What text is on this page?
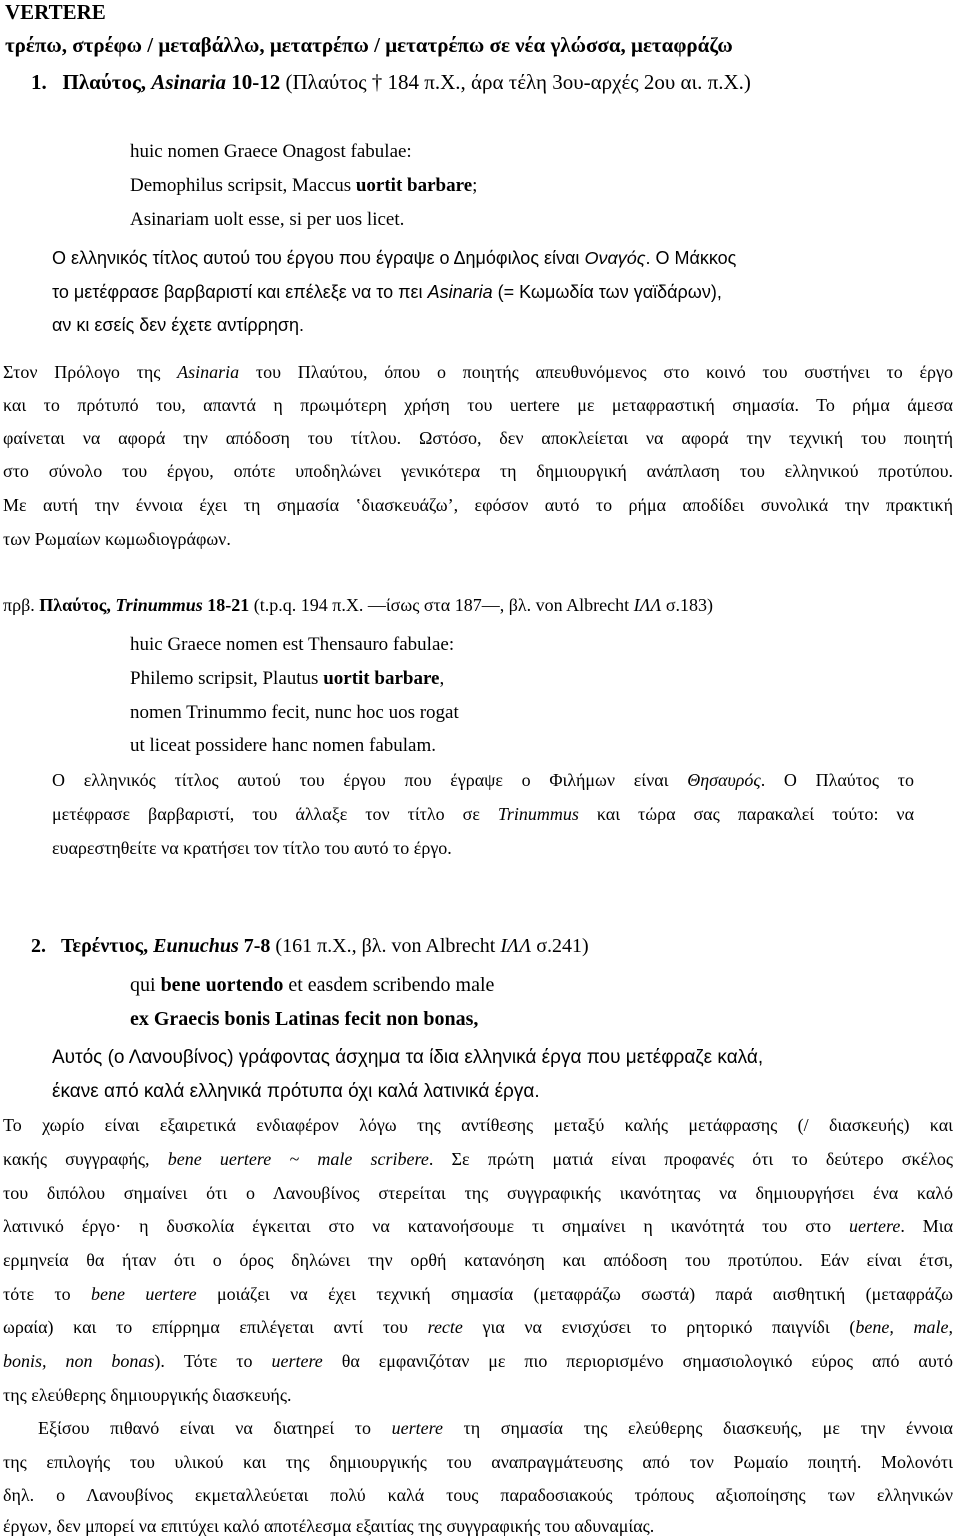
VERTERE
τρέπω, στρέφω / μεταβάλλω, μετατρέπω / μετατρέπω σε νέα γλώσσα, μεταφράζω
1. Πλαύτος, Asinaria 10-12 (Πλαύτος † 184 π.Χ., άρα τέλη 3ου-αρχές 2ου αι. π.Χ.)
huic nomen Graece Onagost fabulae:
Demophilus scripsit, Maccus uortit barbare;
Asinariam uolt esse, si per uos licet.
Ο ελληνικός τίτλος αυτού του έργου που έγραψε ο Δημόφιλος είναι Οναγός. Ο Μάκκος
το μετέφρασε βαρβαριστί και επέλεξε να το πει Asinaria (= Κωμωδία των γαϊδάρων),
αν κι εσείς δεν έχετε αντίρρηση.
Στον Πρόλογο της Asinaria του Πλαύτου, όπου ο ποιητής απευθυνόμενος στο κοινό του συστήνει το έργο
και το πρότυπό του, απαντά η πρωιμότερη χρήση του uertere με μεταφραστική σημασία. Το ρήμα άμεσα
φαίνεται να αφορά την απόδοση του τίτλου. Ωστόσο, δεν αποκλείεται να αφορά την τεχνική του ποιητή
στο σύνολο του έργου, οπότε υποδηλώνει γενικότερα τη δημιουργική ανάπλαση του ελληνικού προτύπου.
Με αυτή την έννοια έχει τη σημασία ‛διασκευάζω’, εφόσον αυτό το ρήμα αποδίδει συνολικά την πρακτική
των Ρωμαίων κωμωδιογράφων.
πρβ. Πλαύτος, Trinummus 18-21 (t.p.q. 194 π.Χ. —ίσως στα 187—, βλ. von Albrecht ΙΛΛ σ.183)
huic Graece nomen est Thensauro fabulae:
Philemo scripsit, Plautus uortit barbare,
nomen Trinummo fecit, nunc hoc uos rogat
ut liceat possidere hanc nomen fabulam.
Ο ελληνικός τίτλος αυτού του έργου που έγραψε ο Φιλήμων είναι Θησαυρός. Ο Πλαύτος το
μετέφρασε βαρβαριστί, του άλλαξε τον τίτλο σε Trinummus και τώρα σας παρακαλεί τούτο: να
ευαρεστηθείτε να κρατήσει τον τίτλο του αυτό το έργο.
2. Τερέντιος, Eunuchus 7-8 (161 π.Χ., βλ. von Albrecht ΙΛΛ σ.241)
qui bene uortendo et easdem scribendo male
ex Graecis bonis Latinas fecit non bonas,
Αυτός (ο Λανουβίνος) γράφοντας άσχημα τα ίδια ελληνικά έργα που μετέφραζε καλά,
έκανε από καλά ελληνικά πρότυπα όχι καλά λατινικά έργα.
Το χωρίο είναι εξαιρετικά ενδιαφέρον λόγω της αντίθεσης μεταξύ καλής μετάφρασης (/ διασκευής) και
κακής συγγραφής, bene uertere ~ male scribere. Σε πρώτη ματιά είναι προφανές ότι το δεύτερο σκέλος
του διπόλου σημαίνει ότι ο Λανουβίνος στερείται της συγγραφικής ικανότητας να δημιουργήσει ένα καλό
λατινικό έργο· η δυσκολία έγκειται στο να κατανοήσουμε τι σημαίνει η ικανότητά του στο uertere. Μια
ερμηνεία θα ήταν ότι ο όρος δηλώνει την ορθή κατανόηση και απόδοση του προτύπου. Εάν είναι έτσι,
τότε το bene uertere μοιάζει να έχει τεχνική σημασία (μεταφράζω σωστά) παρά αισθητική (μεταφράζω
ωραία) και το επίρρημα επιλέγεται αντί του recte για να ενισχύσει το ρητορικό παιγνίδι (bene, male,
bonis, non bonas). Τότε το uertere θα εμφανιζόταν με πιο περιορισμένο σημασιολογικό εύρος από αυτό
της ελεύθερης δημιουργικής διασκευής.
Εξίσου πιθανό είναι να διατηρεί το uertere τη σημασία της ελεύθερης διασκευής, με την έννοια
της επιλογής του υλικού και της δημιουργικής του αναπραγμάτευσης από τον Ρωμαίο ποιητή. Μολονότι
δηλ. ο Λανουβίνος εκμεταλλεύεται πολύ καλά τους παραδοσιακούς τρόπους αξιοποίησης των ελληνικών
έργων, δεν μπορεί να επιτύχει καλό αποτέλεσμα εξαιτίας της συγγραφικής του αδυναμίας.
